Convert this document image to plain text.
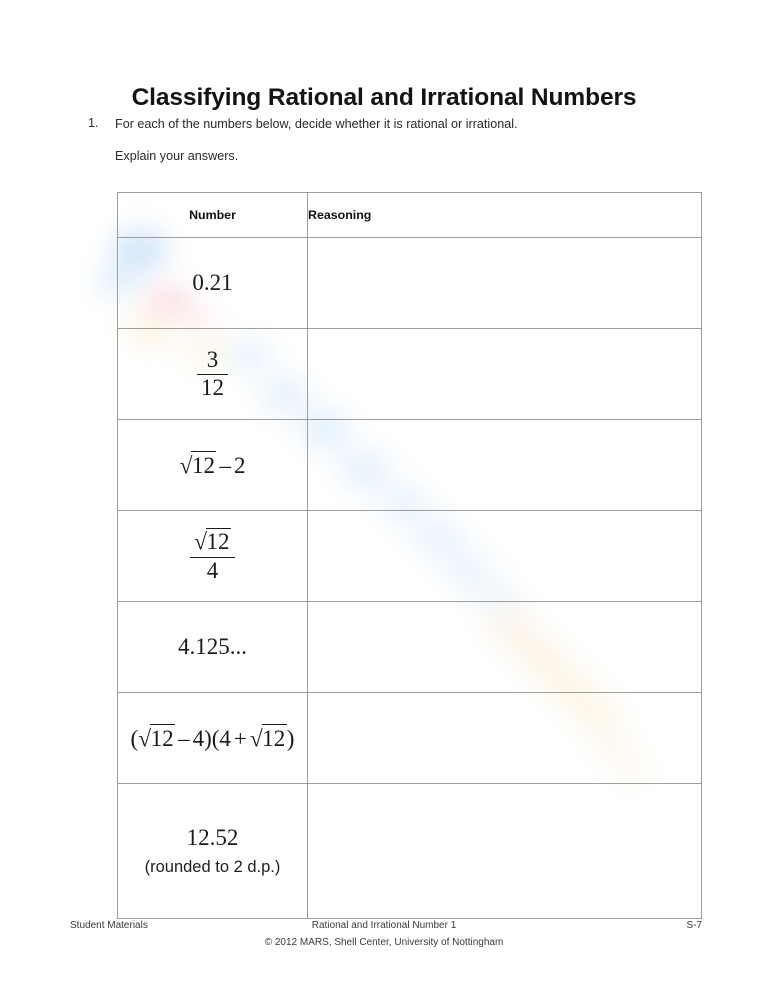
Classifying Rational and Irrational Numbers
1.	For each of the numbers below, decide whether it is rational or irrational.
Explain your answers.
Number	Reasoning
0.21	

$\frac{3}{12}$

√12 – 2	

$\frac{√12}{4}$

4.125...	
(√12 – 4)(4 + √12)	

12.52
(rounded to 2 d.p.)	

Student Materials	Rational and Irrational Number 1	S-7
© 2012 MARS, Shell Center, University of Nottingham
